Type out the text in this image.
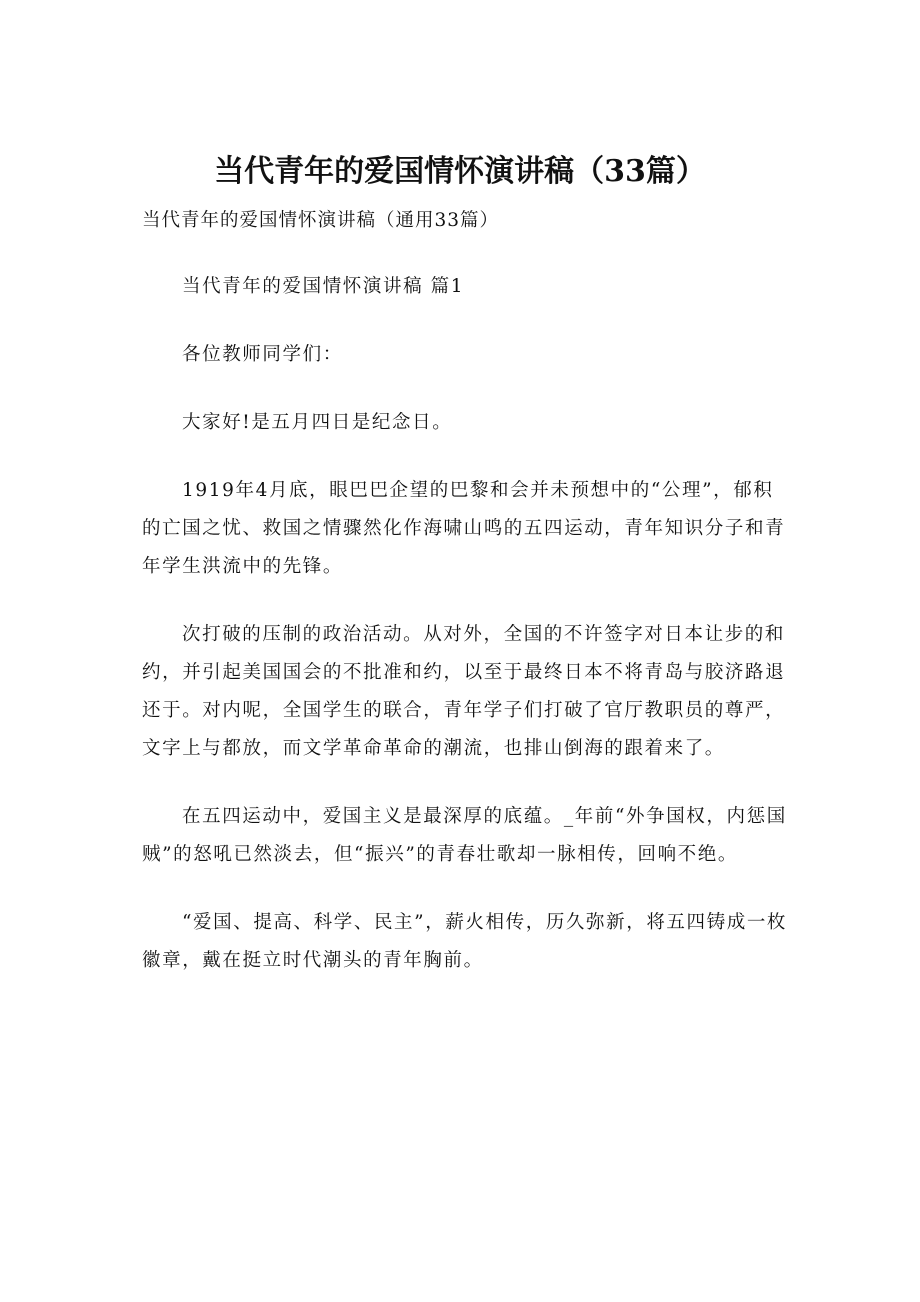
当代青年的爱国情怀演讲稿（33篇）

当代青年的爱国情怀演讲稿（通用33篇）

当代青年的爱国情怀演讲稿 篇1

各位教师同学们：

大家好!是五月四日是纪念日。

1919年4月底，眼巴巴企望的巴黎和会并未预想中的“公理”，郁积的亡国之忧、救国之情骤然化作海啸山鸣的五四运动，青年知识分子和青年学生洪流中的先锋。

次打破的压制的政治活动。从对外，全国的不许签字对日本让步的和约，并引起美国国会的不批准和约，以至于最终日本不将青岛与胶济路退还于。对内呢，全国学生的联合，青年学子们打破了官厅教职员的尊严，文字上与都放，而文学革命革命的潮流，也排山倒海的跟着来了。

在五四运动中，爱国主义是最深厚的底蕴。_年前“外争国权，内惩国贼”的怒吼已然淡去，但“振兴”的青春壮歌却一脉相传，回响不绝。

“爱国、提高、科学、民主”，薪火相传，历久弥新，将五四铸成一枚徽章，戴在挺立时代潮头的青年胸前。
